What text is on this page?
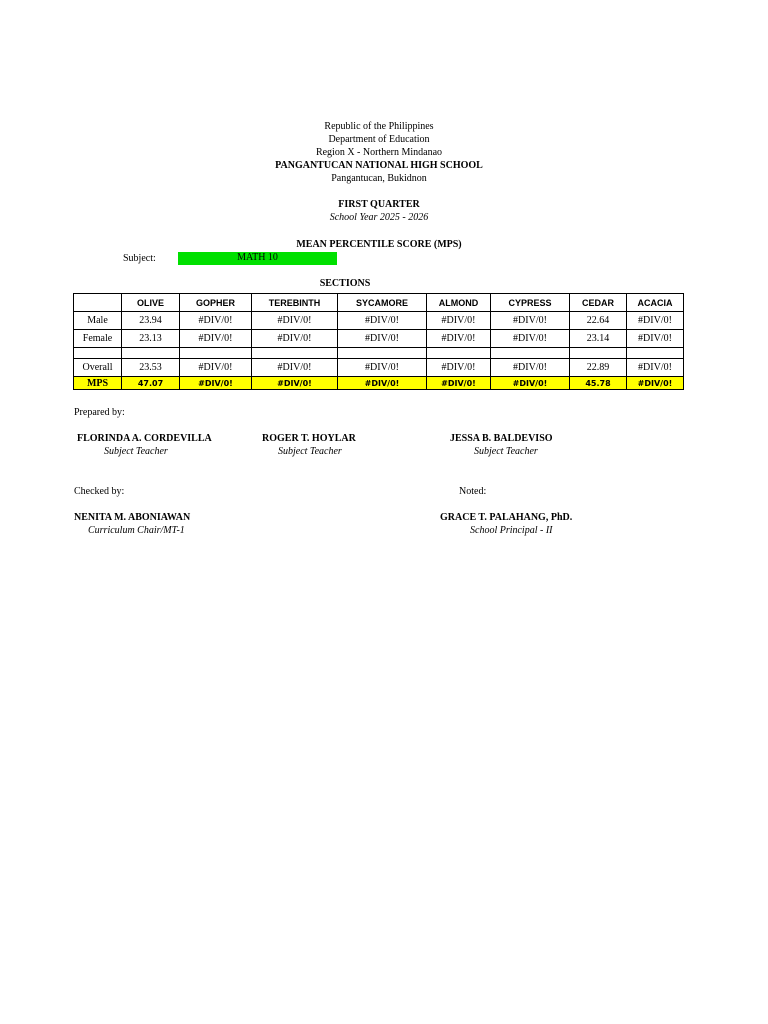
Republic of the Philippines
Department of Education
Region X - Northern Mindanao
PANGANTUCAN NATIONAL HIGH SCHOOL
Pangantucan, Bukidnon
FIRST QUARTER
School Year 2025 - 2026
MEAN PERCENTILE SCORE (MPS)
Subject:	MATH 10
SECTIONS
	OLIVE	GOPHER	TEREBINTH	SYCAMORE	ALMOND	CYPRESS	CEDAR	ACACIA
Male	23.94	#DIV/0!	#DIV/0!	#DIV/0!	#DIV/0!	#DIV/0!	22.64	#DIV/0!
Female	23.13	#DIV/0!	#DIV/0!	#DIV/0!	#DIV/0!	#DIV/0!	23.14	#DIV/0!

Overall	23.53	#DIV/0!	#DIV/0!	#DIV/0!	#DIV/0!	#DIV/0!	22.89	#DIV/0!
MPS	47.07	#DIV/0!	#DIV/0!	#DIV/0!	#DIV/0!	#DIV/0!	45.78	#DIV/0!
Prepared by:
FLORINDA A. CORDEVILLA
Subject Teacher
ROGER T. HOYLAR
Subject Teacher
JESSA B. BALDEVISO
Subject Teacher
Checked by:	Noted:
NENITA M. ABONIAWAN
Curriculum Chair/MT-1
GRACE T. PALAHANG, PhD.
School Principal - II
